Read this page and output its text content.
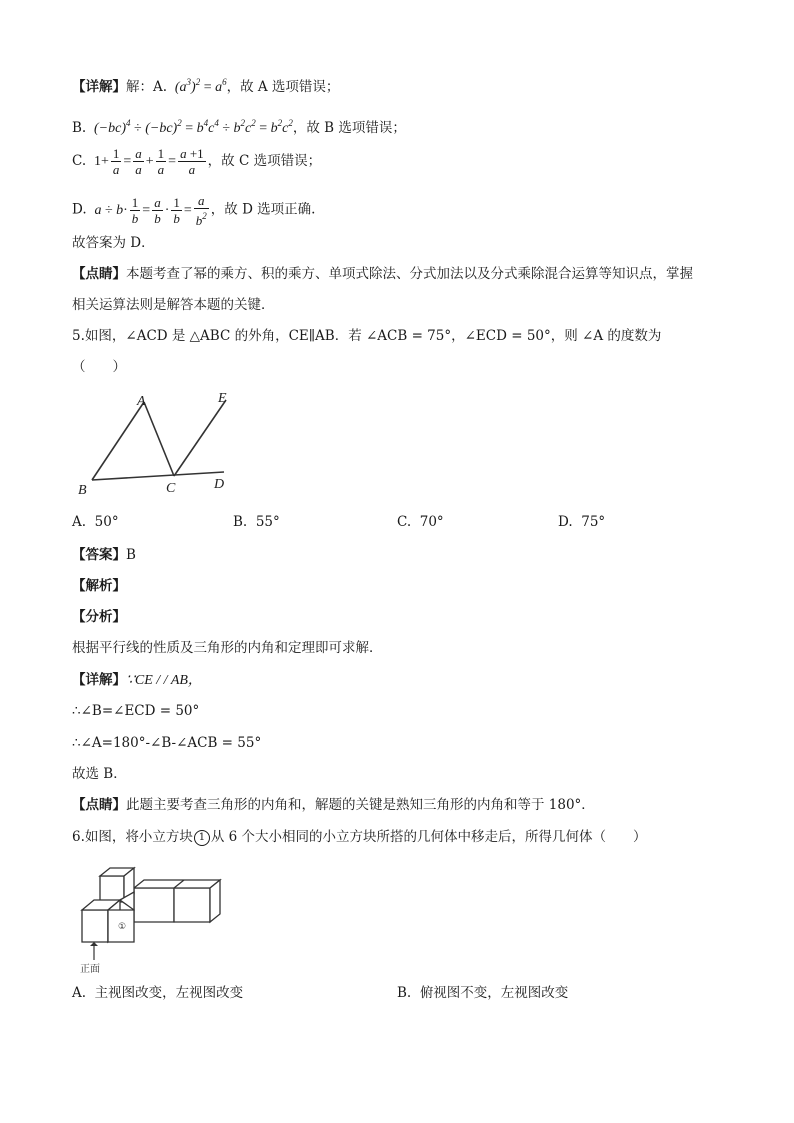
【详解】解：A.  $(a^3)^2 = a^6$，故 A 选项错误；
B.  $(-bc)^4 \div (-bc)^2 = b^4c^4 \div b^2c^2 = b^2c^2$，故 B 选项错误；
C. $1+ \frac{1}{a} = \frac{a}{a} + \frac{1}{a} = \frac{a +1}{a}$ ，故 C 选项错误；
D. $a \div b\cdot \frac{1}{b} = \frac{a}{b} \cdot \frac{1}{b} = \frac{a}{b^2}$ ，故 D 选项正确.
故答案为 D．
【点睛】本题考查了幂的乘方、积的乘方、单项式除法、分式加法以及分式乘除混合运算等知识点，掌握
相关运算法则是解答本题的关键．
5.如图，∠ACD 是 △ABC 的外角，CE∥AB．若 ∠ACB = 75°，∠ECD = 50°，则 ∠A 的度数为
（　　）
A
B	C	D
E
A. 50°	B. 55°	C. 70°	D. 75°
【答案】B
【解析】
【分析】
根据平行线的性质及三角形的内角和定理即可求解．
【详解】∵CE / / AB，
∴∠B=∠ECD = 50°
∴∠A=180°-∠B-∠ACB = 55°
故选 B．
【点睛】此题主要考查三角形的内角和，解题的关键是熟知三角形的内角和等于 180°．
6.如图，将小立方块 1 从 6 个大小相同的小立方块所搭的几何体中移走后，所得几何体（　　）
①
正面
A. 主视图改变，左视图改变	B. 俯视图不变，左视图改变
